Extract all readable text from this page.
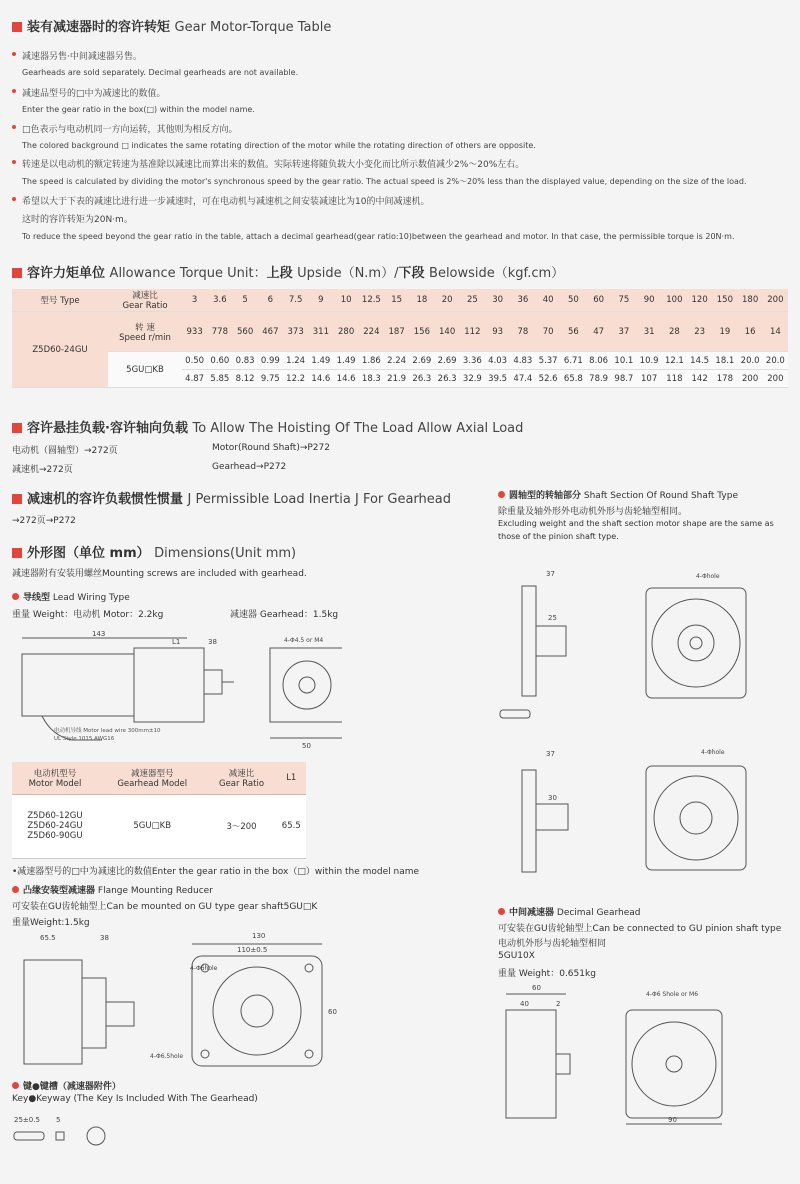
装有减速器时的容许转矩 Gear Motor-Torque Table
减速器另售·中间减速器另售。
Gearheads are sold separately. Decimal gearheads are not available.
减速品型号的□中为减速比的数值。
Enter the gear ratio in the box(□) within the model name.
□色表示与电动机同一方向运转，其他则为相反方向。
The colored background □ indicates the same rotating direction of the motor while the rotating direction of others are opposite.
转速是以电动机的额定转速为基准除以减速比而算出来的数值。实际转速将随负载大小变化而比所示数值减少2%～20%左右。
The speed is calculated by dividing the motor's synchronous speed by the gear ratio. The actual speed is 2%～20% less than the displayed value, depending on the size of the load.
希望以大于下表的减速比进行进一步减速时，可在电动机与减速机之间安装减速比为10的中间减速机。
这时的容许转矩为20N·m。
To reduce the speed beyond the gear ratio in the table, attach a decimal gearhead(gear ratio:10)between the gearhead and motor. In that case, the permissible torque is 20N·m.
容许力矩单位 Allowance Torque Unit：上段 Upside（N.m）/下段 Belowside（kgf.cm）
型号 Type	减速比
Gear Ratio	3	3.6	5	6	7.5	9	10	12.5	15	18	20	25	30	36	40	50	60	75	90	100	120	150	180	200
Z5D60-24GU	转 速
Speed r/min	933	778	560	467	373	311	280	224	187	156	140	112	93	78	70	56	47	37	31	28	23	19	16	14
	5GU□KB	0.50	0.60	0.83	0.99	1.24	1.49	1.49	1.86	2.24	2.69	2.69	3.36	4.03	4.83	5.37	6.71	8.06	10.1	10.9	12.1	14.5	18.1	20.0	20.0
		4.87	5.85	8.12	9.75	12.2	14.6	14.6	18.3	21.9	26.3	26.3	32.9	39.5	47.4	52.6	65.8	78.9	98.7	107	118	142	178	200	200
容许悬挂负载·容许轴向负载 To Allow The Hoisting Of The Load Allow Axial Load
电动机（圆轴型）→272页	Motor(Round Shaft)→P272
减速机→272页	Gearhead→P272
减速机的容许负载惯性惯量 J Permissible Load Inertia J For Gearhead
→272页→P272
外形图（单位 mm） Dimensions(Unit mm)
减速器附有安装用螺丝Mounting screws are included with gearhead.
导线型 Lead Wiring Type
重量 Weight：电动机 Motor：2.2kg	减速器 Gearhead：1.5kg
143
L1	38	4-Φ4.5 or M4
50
电动机导线 Motor lead wire 300mm±10
UL Style 1015 AWG16
电动机型号
Motor Model	减速器型号
Gearhead Model	减速比
Gear Ratio	L1
Z5D60-12GU
Z5D60-24GU
Z5D60-90GU	5GU□KB	3～200	65.5
•减速器型号的□中为减速比的数值Enter the gear ratio in the box（□）within the model name
凸缘安装型减速器 Flange Mounting Reducer
可安装在GU齿轮轴型上Can be mounted on GU type gear shaft5GU□K
重量Weight:1.5kg
65.5	38	130
110±0.5
60
4-Φ6hole
4-Φ6.5hole
键●键槽（减速器附件）
Key●Keyway (The Key Is Included With The Gearhead)
25±0.5 5
圆轴型的转轴部分 Shaft Section Of Round Shaft Type
除重量及轴外形外电动机外形与齿轮轴型相同。
Excluding weight and the shaft section motor shape are the same as
those of the pinion shaft type.
37
25
4-Φhole
37
30
4-Φhole
中间减速器 Decimal Gearhead
可安装在GU齿轮轴型上Can be connected to GU pinion shaft type
电动机外形与齿轮轴型相同
5GU10X
重量 Weight：0.651kg
60
40	2
4-Φ6 Shole or M6
90
